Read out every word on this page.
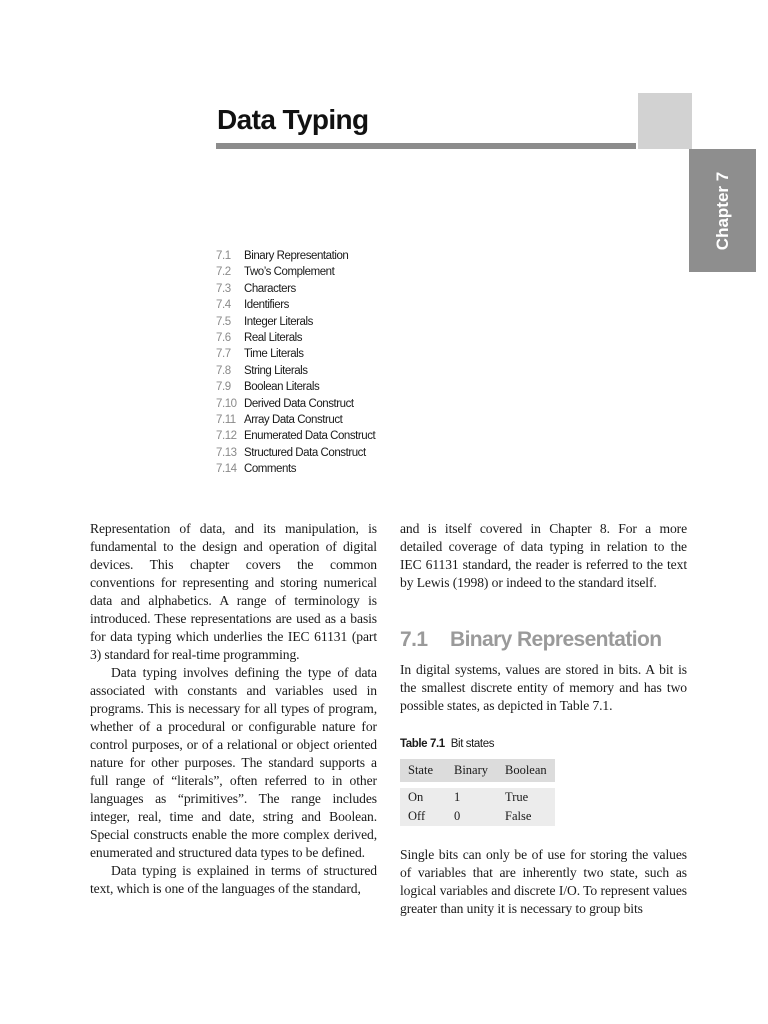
Data Typing
Chapter 7
7.1 Binary Representation
7.2 Two’s Complement
7.3 Characters
7.4 Identifiers
7.5 Integer Literals
7.6 Real Literals
7.7 Time Literals
7.8 String Literals
7.9 Boolean Literals
7.10 Derived Data Construct
7.11 Array Data Construct
7.12 Enumerated Data Construct
7.13 Structured Data Construct
7.14 Comments

Representation of data, and its manipulation, is fundamental to the design and operation of digital devices. This chapter covers the common conventions for representing and storing numerical data and alphabetics. A range of terminology is introduced. These representations are used as a basis for data typing which underlies the IEC 61131 (part 3) standard for real-time programming.

Data typing involves defining the type of data associated with constants and variables used in programs. This is necessary for all types of program, whether of a procedural or configurable nature for control purposes, or of a relational or object oriented nature for other purposes. The standard supports a full range of “literals”, often referred to in other languages as “primitives”. The range includes integer, real, time and date, string and Boolean. Special constructs enable the more complex derived, enumerated and structured data types to be defined.

Data typing is explained in terms of structured text, which is one of the languages of the standard,

and is itself covered in Chapter 8. For a more detailed coverage of data typing in relation to the IEC 61131 standard, the reader is referred to the text by Lewis (1998) or indeed to the standard itself.

7.1 Binary Representation

In digital systems, values are stored in bits. A bit is the smallest discrete entity of memory and has two possible states, as depicted in Table 7.1.

Table 7.1 Bit states
State	Binary	Boolean

On	1	True
Off	0	False

Single bits can only be of use for storing the values of variables that are inherently two state, such as logical variables and discrete I/O. To represent values greater than unity it is necessary to group bits
